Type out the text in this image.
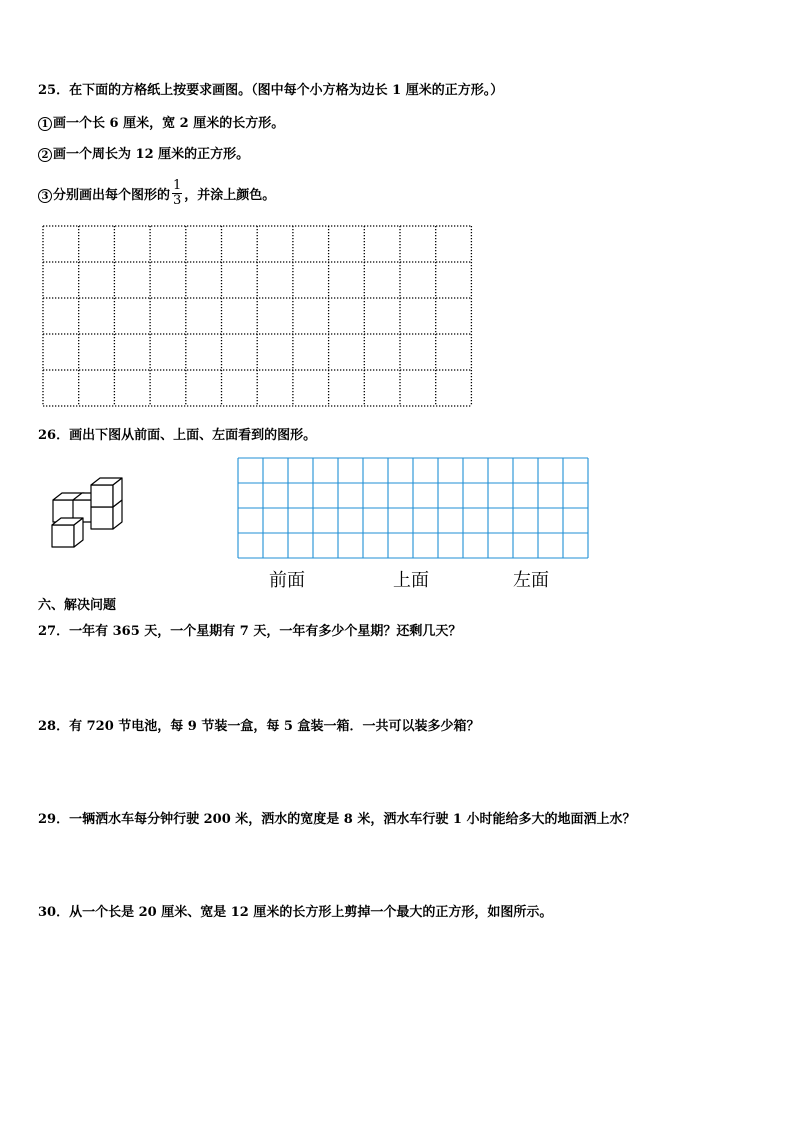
25．在下面的方格纸上按要求画图。（图中每个小方格为边长 1 厘米的正方形。）
1 画一个长 6 厘米，宽 2 厘米的长方形。
2 画一个周长为 12 厘米的正方形。
3 分别画出每个图形的 $\frac{1}{3}$ ，并涂上颜色。
26．画出下图从前面、上面、左面看到的图形。
前面	上面	左面
六、解决问题
27．一年有 365 天，一个星期有 7 天，一年有多少个星期？还剩几天？
28．有 720 节电池，每 9 节装一盒，每 5 盒装一箱．一共可以装多少箱？
29．一辆洒水车每分钟行驶 200 米，洒水的宽度是 8 米，洒水车行驶 1 小时能给多大的地面洒上水？
30．从一个长是 20 厘米、宽是 12 厘米的长方形上剪掉一个最大的正方形，如图所示。
